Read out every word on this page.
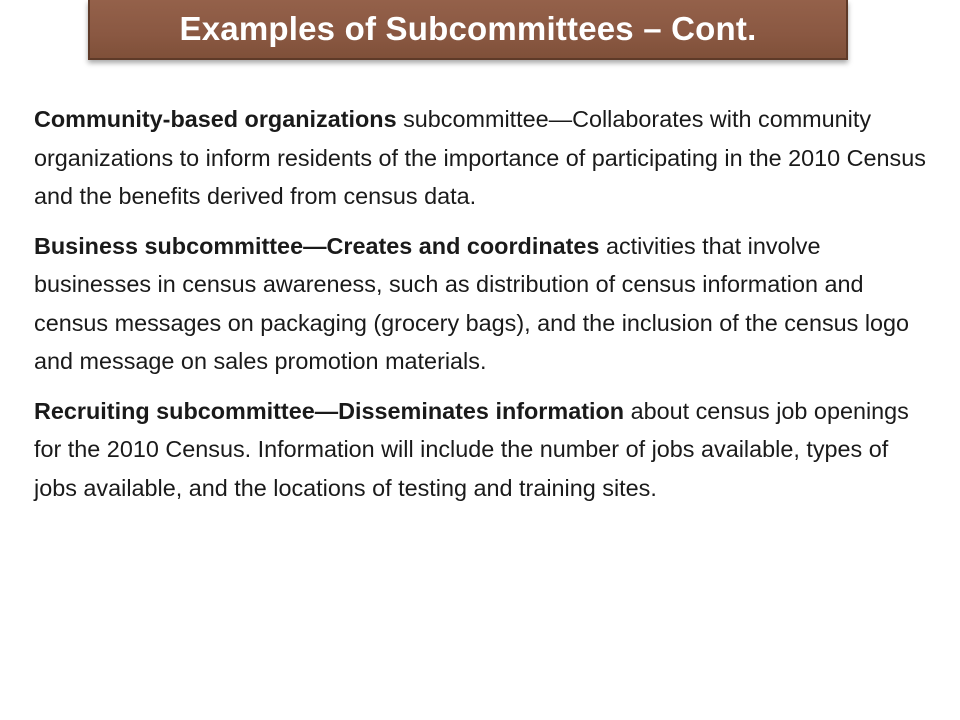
Examples of Subcommittees – Cont.

Community-based organizations subcommittee—Collaborates with community organizations to inform residents of the importance of participating in the 2010 Census and the benefits derived from census data.

Business subcommittee—Creates and coordinates activities that involve businesses in census awareness, such as distribution of census information and census messages on packaging (grocery bags), and the inclusion of the census logo and message on sales promotion materials.

Recruiting subcommittee—Disseminates information about census job openings for the 2010 Census. Information will include the number of jobs available, types of jobs available, and the locations of testing and training sites.
